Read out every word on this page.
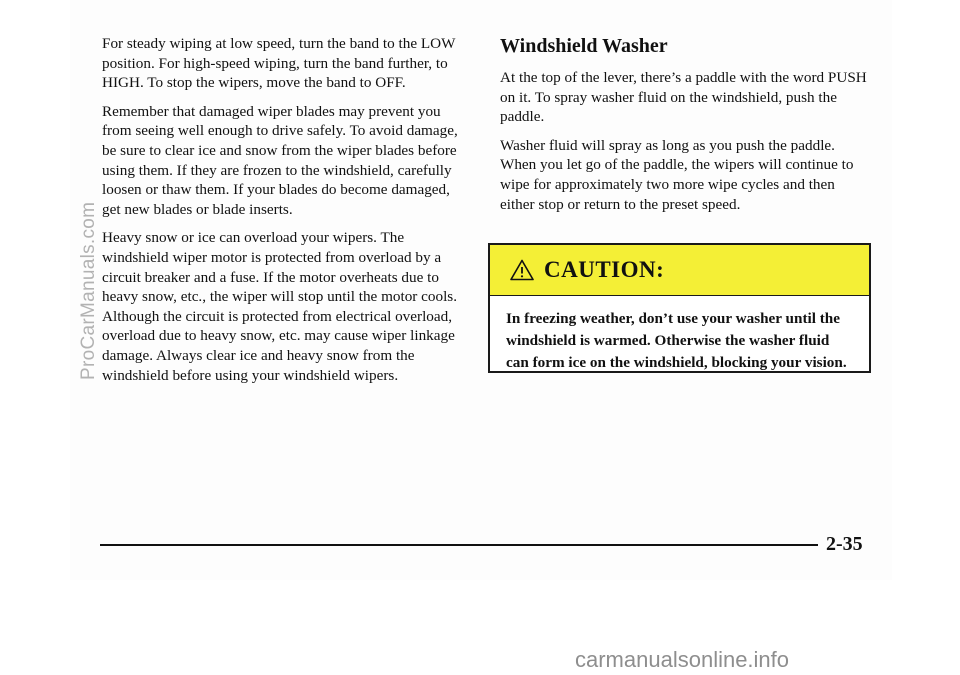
For steady wiping at low speed, turn the band to the LOW position. For high-speed wiping, turn the band further, to HIGH. To stop the wipers, move the band to OFF.

Remember that damaged wiper blades may prevent you from seeing well enough to drive safely. To avoid damage, be sure to clear ice and snow from the wiper blades before using them. If they are frozen to the windshield, carefully loosen or thaw them. If your blades do become damaged, get new blades or blade inserts.

Heavy snow or ice can overload your wipers. The windshield wiper motor is protected from overload by a circuit breaker and a fuse. If the motor overheats due to heavy snow, etc., the wiper will stop until the motor cools. Although the circuit is protected from electrical overload, overload due to heavy snow, etc. may cause wiper linkage damage. Always clear ice and heavy snow from the windshield before using your windshield wipers.

Windshield Washer

At the top of the lever, there’s a paddle with the word PUSH on it. To spray washer fluid on the windshield, push the paddle.

Washer fluid will spray as long as you push the paddle. When you let go of the paddle, the wipers will continue to wipe for approximately two more wipe cycles and then either stop or return to the preset speed.

CAUTION:
In freezing weather, don’t use your washer until the windshield is warmed. Otherwise the washer fluid can form ice on the windshield, blocking your vision.
2-35
ProCarManuals.com
carmanualsonline.info
